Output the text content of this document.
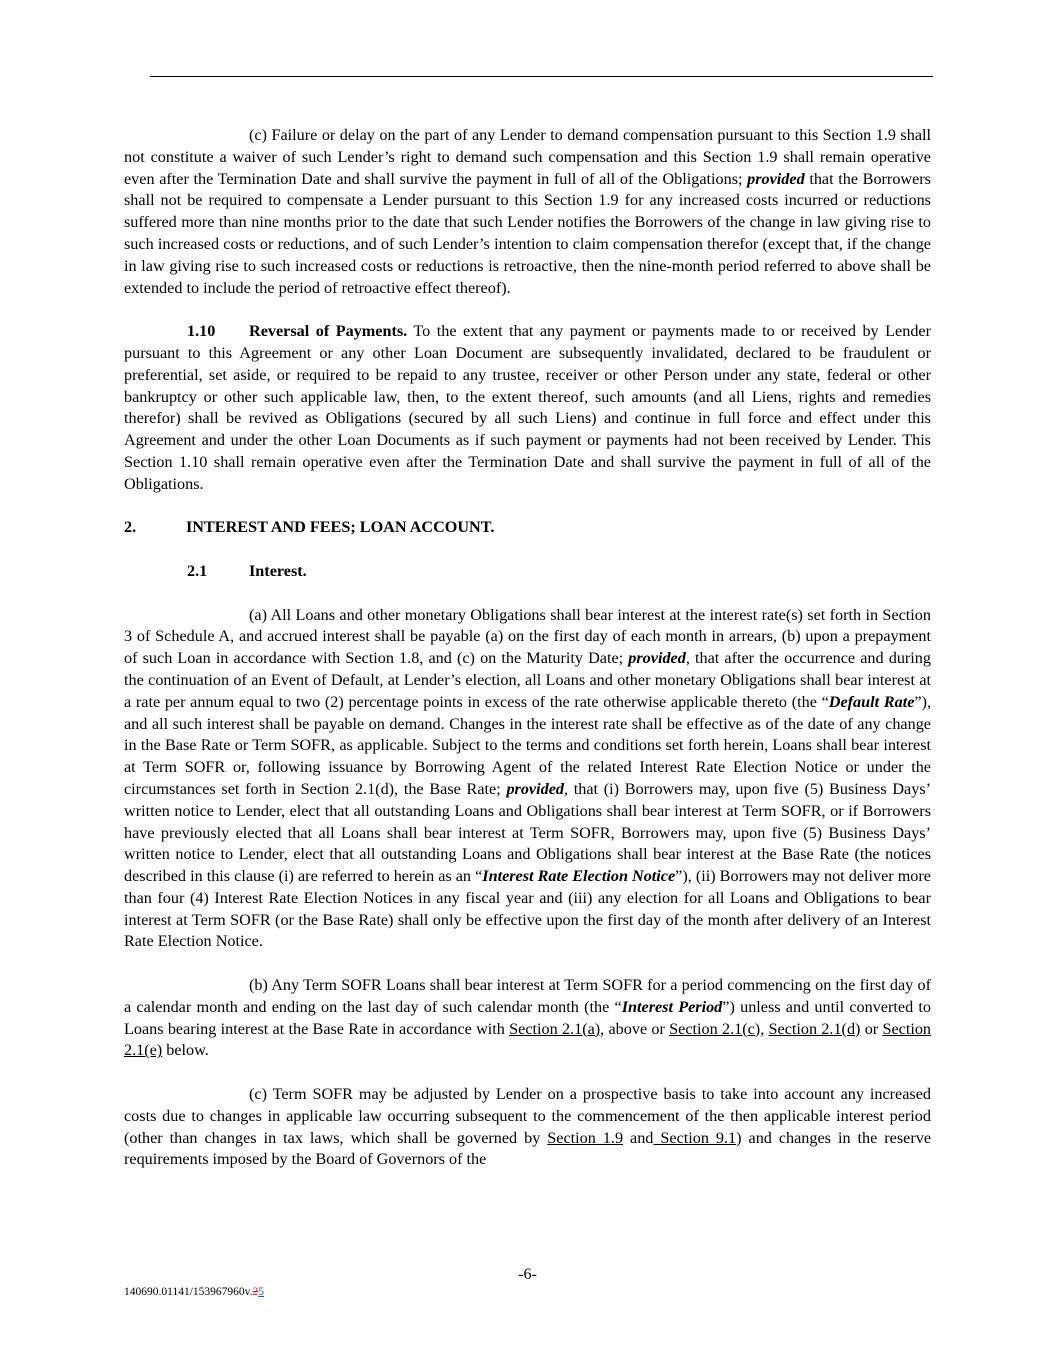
(c) Failure or delay on the part of any Lender to demand compensation pursuant to this Section 1.9 shall not constitute a waiver of such Lender’s right to demand such compensation and this Section 1.9 shall remain operative even after the Termination Date and shall survive the payment in full of all of the Obligations; provided that the Borrowers shall not be required to compensate a Lender pursuant to this Section 1.9 for any increased costs incurred or reductions suffered more than nine months prior to the date that such Lender notifies the Borrowers of the change in law giving rise to such increased costs or reductions, and of such Lender’s intention to claim compensation therefor (except that, if the change in law giving rise to such increased costs or reductions is retroactive, then the nine-month period referred to above shall be extended to include the period of retroactive effect thereof).

1.10 Reversal of Payments. To the extent that any payment or payments made to or received by Lender pursuant to this Agreement or any other Loan Document are subsequently invalidated, declared to be fraudulent or preferential, set aside, or required to be repaid to any trustee, receiver or other Person under any state, federal or other bankruptcy or other such applicable law, then, to the extent thereof, such amounts (and all Liens, rights and remedies therefor) shall be revived as Obligations (secured by all such Liens) and continue in full force and effect under this Agreement and under the other Loan Documents as if such payment or payments had not been received by Lender. This Section 1.10 shall remain operative even after the Termination Date and shall survive the payment in full of all of the Obligations.

2.	INTEREST AND FEES; LOAN ACCOUNT.

2.1	Interest.

(a) All Loans and other monetary Obligations shall bear interest at the interest rate(s) set forth in Section 3 of Schedule A, and accrued interest shall be payable (a) on the first day of each month in arrears, (b) upon a prepayment of such Loan in accordance with Section 1.8, and (c) on the Maturity Date; provided, that after the occurrence and during the continuation of an Event of Default, at Lender’s election, all Loans and other monetary Obligations shall bear interest at a rate per annum equal to two (2) percentage points in excess of the rate otherwise applicable thereto (the “Default Rate”), and all such interest shall be payable on demand. Changes in the interest rate shall be effective as of the date of any change in the Base Rate or Term SOFR, as applicable. Subject to the terms and conditions set forth herein, Loans shall bear interest at Term SOFR or, following issuance by Borrowing Agent of the related Interest Rate Election Notice or under the circumstances set forth in Section 2.1(d), the Base Rate; provided, that (i) Borrowers may, upon five (5) Business Days’ written notice to Lender, elect that all outstanding Loans and Obligations shall bear interest at Term SOFR, or if Borrowers have previously elected that all Loans shall bear interest at Term SOFR, Borrowers may, upon five (5) Business Days’ written notice to Lender, elect that all outstanding Loans and Obligations shall bear interest at the Base Rate (the notices described in this clause (i) are referred to herein as an “Interest Rate Election Notice”), (ii) Borrowers may not deliver more than four (4) Interest Rate Election Notices in any fiscal year and (iii) any election for all Loans and Obligations to bear interest at Term SOFR (or the Base Rate) shall only be effective upon the first day of the month after delivery of an Interest Rate Election Notice.

(b) Any Term SOFR Loans shall bear interest at Term SOFR for a period commencing on the first day of a calendar month and ending on the last day of such calendar month (the “Interest Period”) unless and until converted to Loans bearing interest at the Base Rate in accordance with Section 2.1(a), above or Section 2.1(c), Section 2.1(d) or Section 2.1(e) below.

(c) Term SOFR may be adjusted by Lender on a prospective basis to take into account any increased costs due to changes in applicable law occurring subsequent to the commencement of the then applicable interest period (other than changes in tax laws, which shall be governed by Section 1.9 and Section 9.1) and changes in the reserve requirements imposed by the Board of Governors of the

-6-
140690.01141/153967960v.25
